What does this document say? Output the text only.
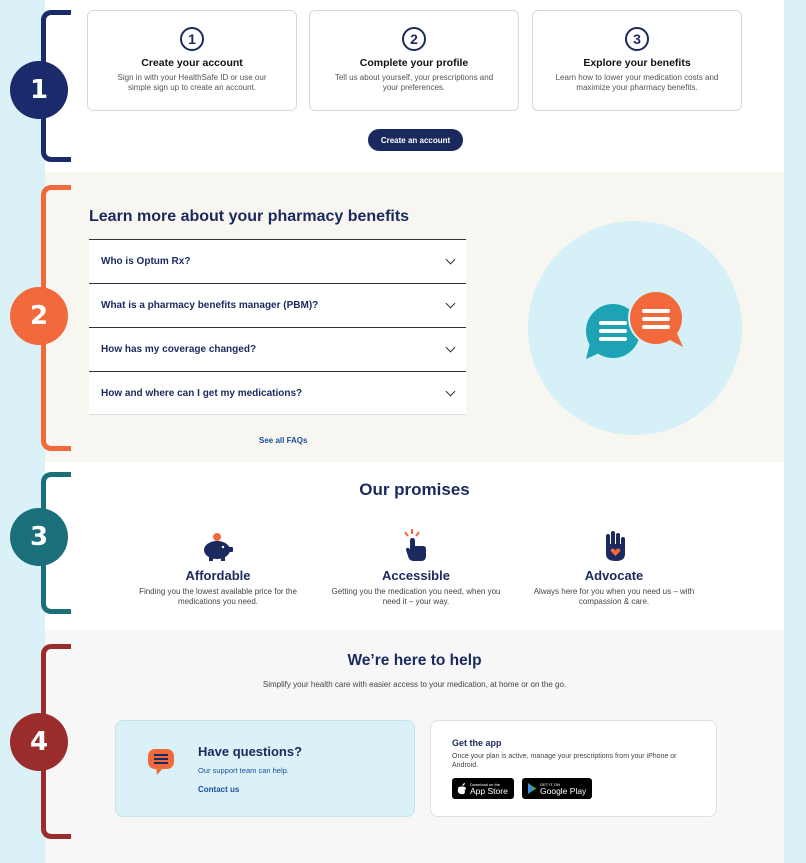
1
Create your account
Sign in with your HealthSafe ID or use our simple sign up to create an account.
2
Complete your profile
Tell us about yourself, your prescriptions and your preferences.
3
Explore your benefits
Learn how to lower your medication costs and maximize your pharmacy benefits.
Create an account
Learn more about your pharmacy benefits
Who is Optum Rx?
What is a pharmacy benefits manager (PBM)?
How has my coverage changed?
How and where can I get my medications?
See all FAQs
Our promises
Affordable
Finding you the lowest available price for the medications you need.
Accessible
Getting you the medication you need, when you need it – your way.
Advocate
Always here for you when you need us – with compassion & care.
We’re here to help
Simplify your health care with easier access to your medication, at home or on the go.
Have questions?
Our support team can help.
Contact us
Get the app
Once your plan is active, manage your prescriptions from your iPhone or Android.
Download on the
App Store
GET IT ON
Google Play
1
2
3
4
